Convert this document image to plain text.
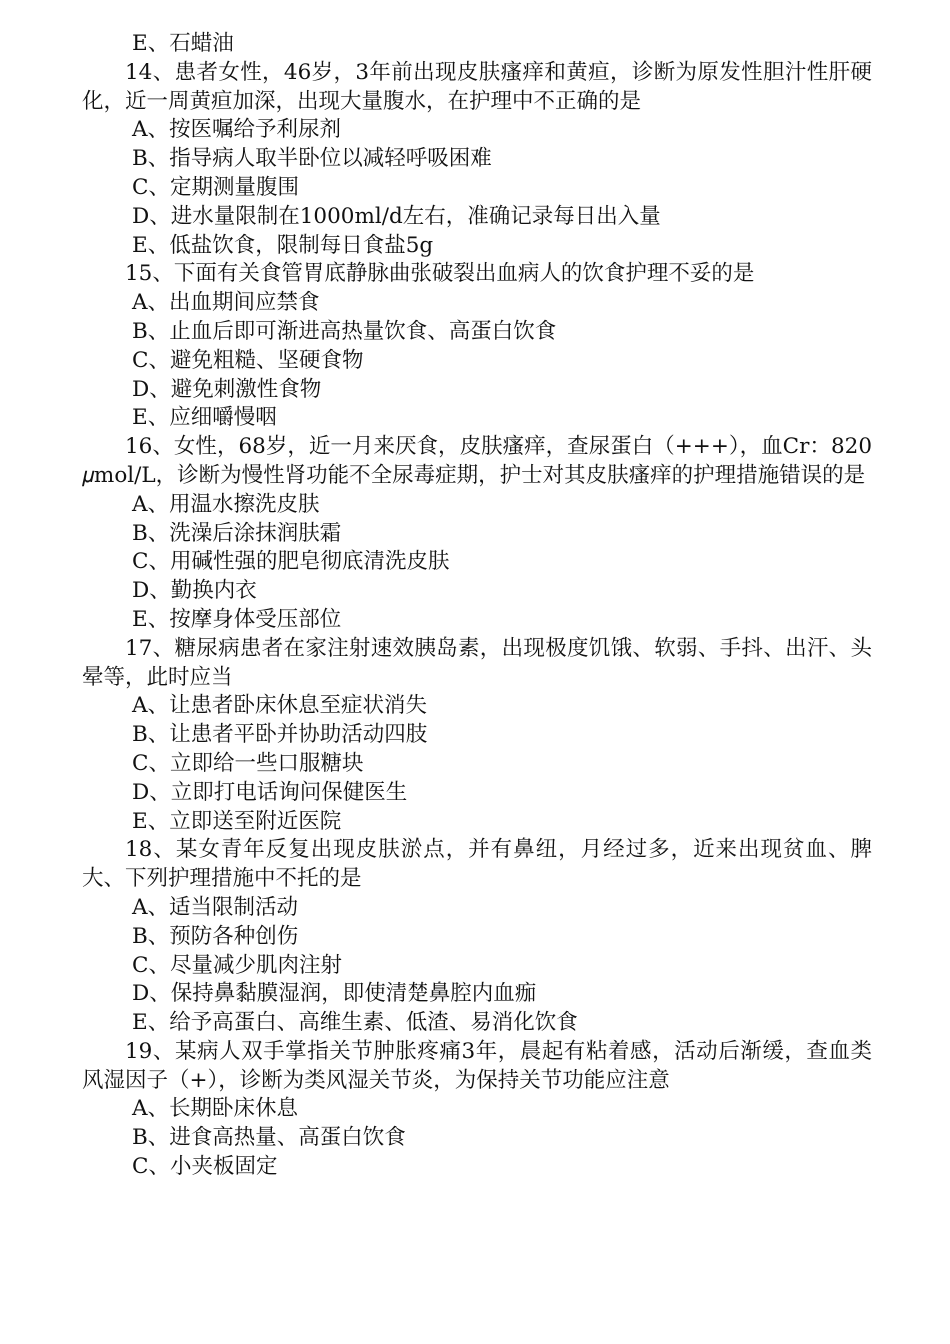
E、石蜡油

14、患者女性，46岁，3年前出现皮肤瘙痒和黄疸，诊断为原发性胆汁性肝硬化，近一周黄疸加深，出现大量腹水，在护理中不正确的是

A、按医嘱给予利尿剂

B、指导病人取半卧位以减轻呼吸困难

C、定期测量腹围

D、进水量限制在1000ml/d左右，准确记录每日出入量

E、低盐饮食，限制每日食盐5g

15、下面有关食管胃底静脉曲张破裂出血病人的饮食护理不妥的是

A、出血期间应禁食

B、止血后即可渐进高热量饮食、高蛋白饮食

C、避免粗糙、坚硬食物

D、避免刺激性食物

E、应细嚼慢咽

16、女性，68岁，近一月来厌食，皮肤瘙痒，查尿蛋白（+++），血Cr：820 𝜇mol/L，诊断为慢性肾功能不全尿毒症期，护士对其皮肤瘙痒的护理措施错误的是

A、用温水擦洗皮肤

B、洗澡后涂抹润肤霜

C、用碱性强的肥皂彻底清洗皮肤

D、勤换内衣

E、按摩身体受压部位

17、糖尿病患者在家注射速效胰岛素，出现极度饥饿、软弱、手抖、出汗、头晕等，此时应当

A、让患者卧床休息至症状消失

B、让患者平卧并协助活动四肢

C、立即给一些口服糖块

D、立即打电话询问保健医生

E、立即送至附近医院

18、某女青年反复出现皮肤淤点，并有鼻纽，月经过多，近来出现贫血、脾大、下列护理措施中不托的是

A、适当限制活动

B、预防各种创伤

C、尽量减少肌肉注射

D、保持鼻黏膜湿润，即使清楚鼻腔内血痂

E、给予高蛋白、高维生素、低渣、易消化饮食

19、某病人双手掌指关节肿胀疼痛3年，晨起有粘着感，活动后渐缓，查血类风湿因子（+），诊断为类风湿关节炎，为保持关节功能应注意

A、长期卧床休息

B、进食高热量、高蛋白饮食

C、小夹板固定
